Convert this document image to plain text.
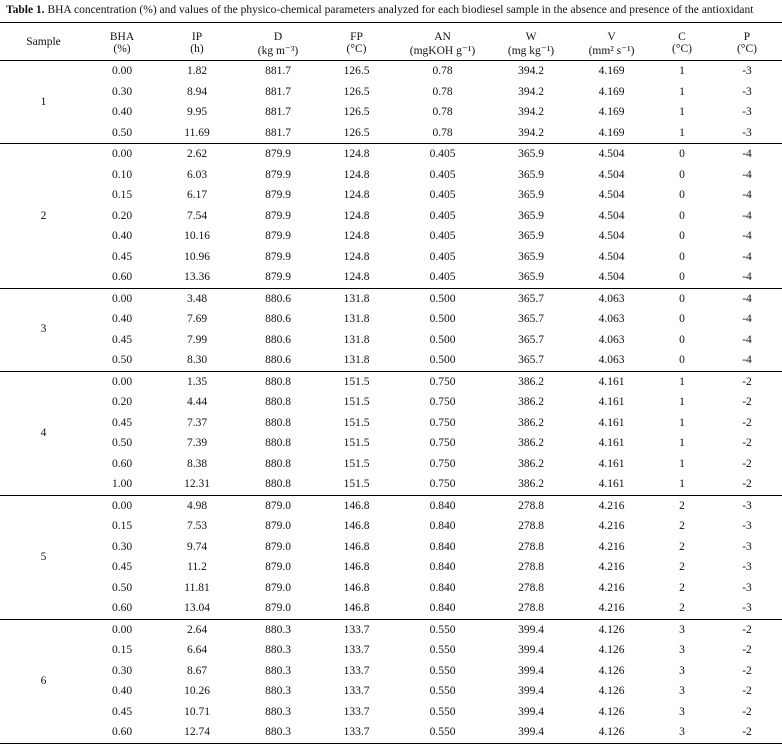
Table 1. BHA concentration (%) and values of the physico-chemical parameters analyzed for each biodiesel sample in the absence and presence of the antioxidant
Sample	BHA	IP	D	FP	AN	W	V	C	P
	(%)	(h)	(kg m⁻³)	(°C)	(mgKOH g⁻¹)	(mg kg⁻¹)	(mm² s⁻¹)	(°C)	(°C)
1	0.00	1.82	881.7	126.5	0.78	394.2	4.169	1	-3
	0.30	8.94	881.7	126.5	0.78	394.2	4.169	1	-3
	0.40	9.95	881.7	126.5	0.78	394.2	4.169	1	-3
	0.50	11.69	881.7	126.5	0.78	394.2	4.169	1	-3
2	0.00	2.62	879.9	124.8	0.405	365.9	4.504	0	-4
	0.10	6.03	879.9	124.8	0.405	365.9	4.504	0	-4
	0.15	6.17	879.9	124.8	0.405	365.9	4.504	0	-4
	0.20	7.54	879.9	124.8	0.405	365.9	4.504	0	-4
	0.40	10.16	879.9	124.8	0.405	365.9	4.504	0	-4
	0.45	10.96	879.9	124.8	0.405	365.9	4.504	0	-4
	0.60	13.36	879.9	124.8	0.405	365.9	4.504	0	-4
3	0.00	3.48	880.6	131.8	0.500	365.7	4.063	0	-4
	0.40	7.69	880.6	131.8	0.500	365.7	4.063	0	-4
	0.45	7.99	880.6	131.8	0.500	365.7	4.063	0	-4
	0.50	8.30	880.6	131.8	0.500	365.7	4.063	0	-4
4	0.00	1.35	880.8	151.5	0.750	386.2	4.161	1	-2
	0.20	4.44	880.8	151.5	0.750	386.2	4.161	1	-2
	0.45	7.37	880.8	151.5	0.750	386.2	4.161	1	-2
	0.50	7.39	880.8	151.5	0.750	386.2	4.161	1	-2
	0.60	8.38	880.8	151.5	0.750	386.2	4.161	1	-2
	1.00	12.31	880.8	151.5	0.750	386.2	4.161	1	-2
5	0.00	4.98	879.0	146.8	0.840	278.8	4.216	2	-3
	0.15	7.53	879.0	146.8	0.840	278.8	4.216	2	-3
	0.30	9.74	879.0	146.8	0.840	278.8	4.216	2	-3
	0.45	11.2	879.0	146.8	0.840	278.8	4.216	2	-3
	0.50	11.81	879.0	146.8	0.840	278.8	4.216	2	-3
	0.60	13.04	879.0	146.8	0.840	278.8	4.216	2	-3
6	0.00	2.64	880.3	133.7	0.550	399.4	4.126	3	-2
	0.15	6.64	880.3	133.7	0.550	399.4	4.126	3	-2
	0.30	8.67	880.3	133.7	0.550	399.4	4.126	3	-2
	0.40	10.26	880.3	133.7	0.550	399.4	4.126	3	-2
	0.45	10.71	880.3	133.7	0.550	399.4	4.126	3	-2
	0.60	12.74	880.3	133.7	0.550	399.4	4.126	3	-2
